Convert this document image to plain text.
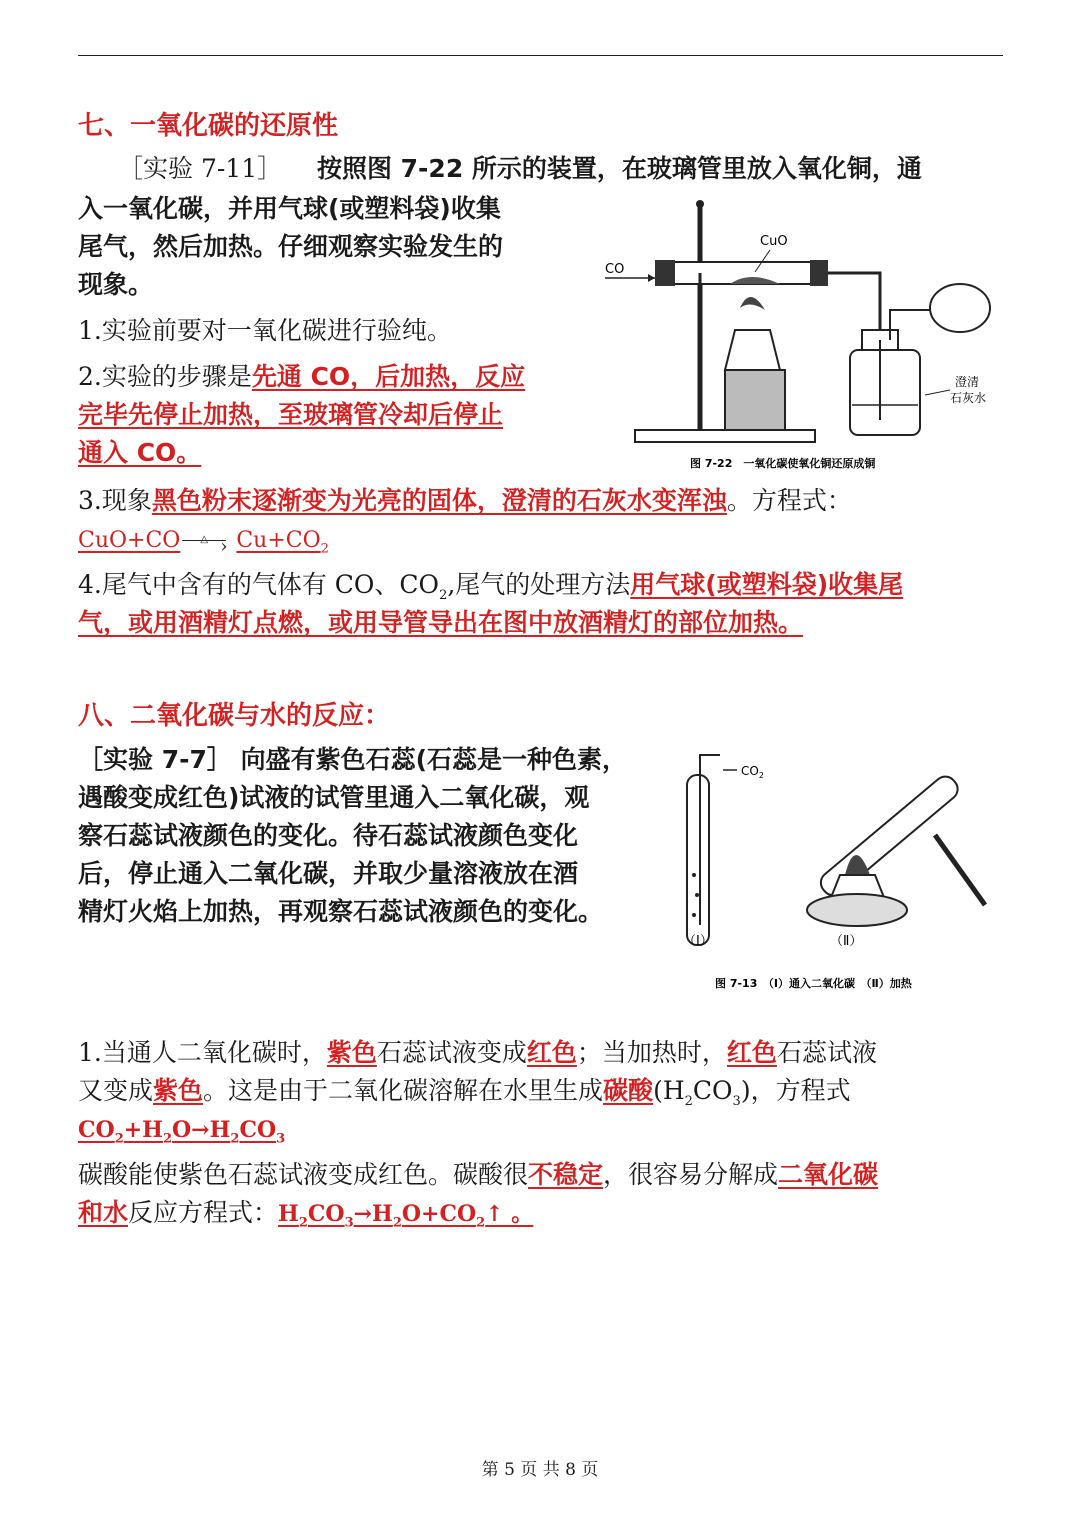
七、一氧化碳的还原性
［实验 7-11］ 按照图 7-22 所示的装置，在玻璃管里放入氧化铜，通
入一氧化碳，并用气球(或塑料袋)收集
尾气，然后加热。仔细观察实验发生的
现象。
1.实验前要对一氧化碳进行验纯。
2.实验的步骤是先通 CO，后加热，反应
完毕先停止加热，至玻璃管冷却后停止
通入 CO。
CO
CuO
澄清
石灰水
图 7-22　一氧化碳使氧化铜还原成铜
3.现象黑色粉末逐渐变为光亮的固体，澄清的石灰水变浑浊。方程式：
CuO+CO △ › $Cu+CO_2$
4.尾气中含有的气体有 CO、$CO_2$,尾气的处理方法用气球(或塑料袋)收集尾
气，或用酒精灯点燃，或用导管导出在图中放酒精灯的部位加热。
八、二氧化碳与水的反应：
［实验 7-7］ 向盛有紫色石蕊(石蕊是一种色素，
遇酸变成红色)试液的试管里通入二氧化碳，观
察石蕊试液颜色的变化。待石蕊试液颜色变化
后，停止通入二氧化碳，并取少量溶液放在酒
精灯火焰上加热，再观察石蕊试液颜色的变化。
$CO_2$
（Ⅰ）	（Ⅱ）
图 7-13　（Ⅰ）通入二氧化碳　（Ⅱ）加热
1.当通人二氧化碳时，紫色石蕊试液变成红色；当加热时，红色石蕊试液
又变成紫色。这是由于二氧化碳溶解在水里生成碳酸$(H_2CO_3)$，方程式
$CO_2+H_2O\to H_2CO_3$
碳酸能使紫色石蕊试液变成红色。碳酸很不稳定，很容易分解成二氧化碳
和水反应方程式：$H_2CO_3\to H_2O+CO_2↑$ 。
第 5 页 共 8 页
